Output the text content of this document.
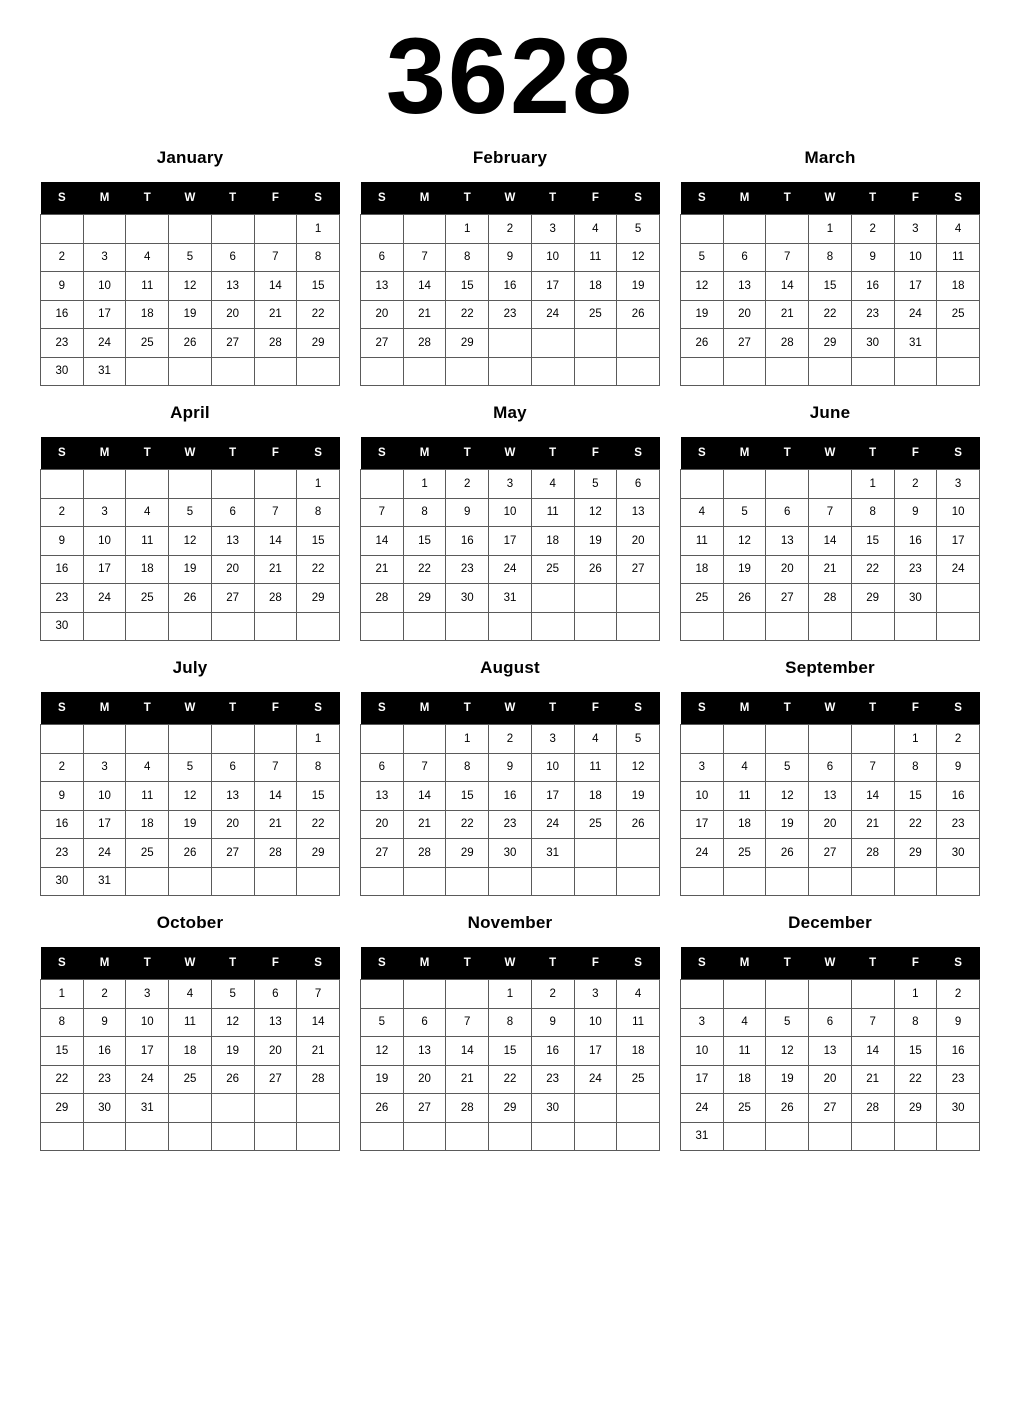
3628
January
S	M	T	W	T	F	S
						1
2	3	4	5	6	7	8
9	10	11	12	13	14	15
16	17	18	19	20	21	22
23	24	25	26	27	28	29
30	31					
February
S	M	T	W	T	F	S
		1	2	3	4	5
6	7	8	9	10	11	12
13	14	15	16	17	18	19
20	21	22	23	24	25	26
27	28	29				

March
S	M	T	W	T	F	S
			1	2	3	4
5	6	7	8	9	10	11
12	13	14	15	16	17	18
19	20	21	22	23	24	25
26	27	28	29	30	31	

April
S	M	T	W	T	F	S
						1
2	3	4	5	6	7	8
9	10	11	12	13	14	15
16	17	18	19	20	21	22
23	24	25	26	27	28	29
30						
May
S	M	T	W	T	F	S
	1	2	3	4	5	6
7	8	9	10	11	12	13
14	15	16	17	18	19	20
21	22	23	24	25	26	27
28	29	30	31			

June
S	M	T	W	T	F	S
				1	2	3
4	5	6	7	8	9	10
11	12	13	14	15	16	17
18	19	20	21	22	23	24
25	26	27	28	29	30	

July
S	M	T	W	T	F	S
						1
2	3	4	5	6	7	8
9	10	11	12	13	14	15
16	17	18	19	20	21	22
23	24	25	26	27	28	29
30	31					
August
S	M	T	W	T	F	S
		1	2	3	4	5
6	7	8	9	10	11	12
13	14	15	16	17	18	19
20	21	22	23	24	25	26
27	28	29	30	31		

September
S	M	T	W	T	F	S
					1	2
3	4	5	6	7	8	9
10	11	12	13	14	15	16
17	18	19	20	21	22	23
24	25	26	27	28	29	30

October
S	M	T	W	T	F	S
1	2	3	4	5	6	7
8	9	10	11	12	13	14
15	16	17	18	19	20	21
22	23	24	25	26	27	28
29	30	31				

November
S	M	T	W	T	F	S
			1	2	3	4
5	6	7	8	9	10	11
12	13	14	15	16	17	18
19	20	21	22	23	24	25
26	27	28	29	30		

December
S	M	T	W	T	F	S
					1	2
3	4	5	6	7	8	9
10	11	12	13	14	15	16
17	18	19	20	21	22	23
24	25	26	27	28	29	30
31						
